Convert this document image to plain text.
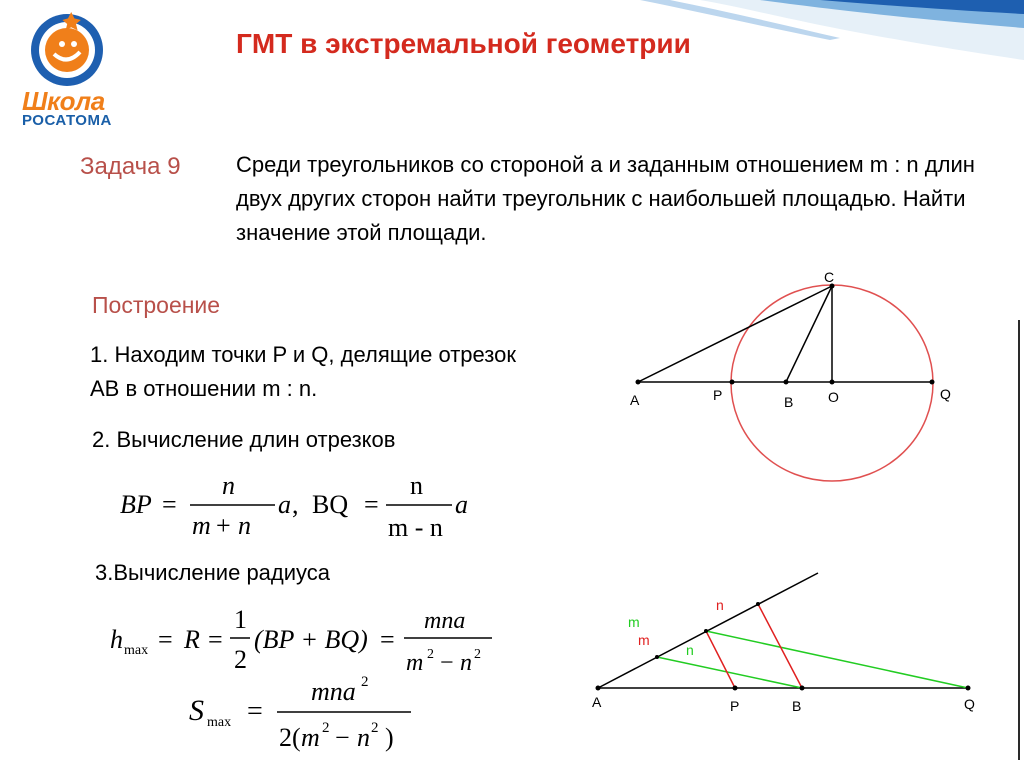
Школа
РОСАТОМА
ГМТ в экстремальной геометрии
Задача 9	Среди треугольников со стороной а и заданным отношением m : n длин двух других сторон найти треугольник с наибольшей площадью. Найти значение этой площади.
Построение
1. Находим точки P и Q, делящие отрезок АВ в отношении m : n.
2. Вычисление длин отрезков
3.Вычисление радиуса
BP =
n
m + n
a , BQ =
n
m - n
a
h max = R =
1
2
(BP + BQ) =
mna
m 2 − n 2
S max =
mna 2
2( m 2 − n 2 )
C
A	P	B O	Q
A	P	B	Q
m
m
n
n
